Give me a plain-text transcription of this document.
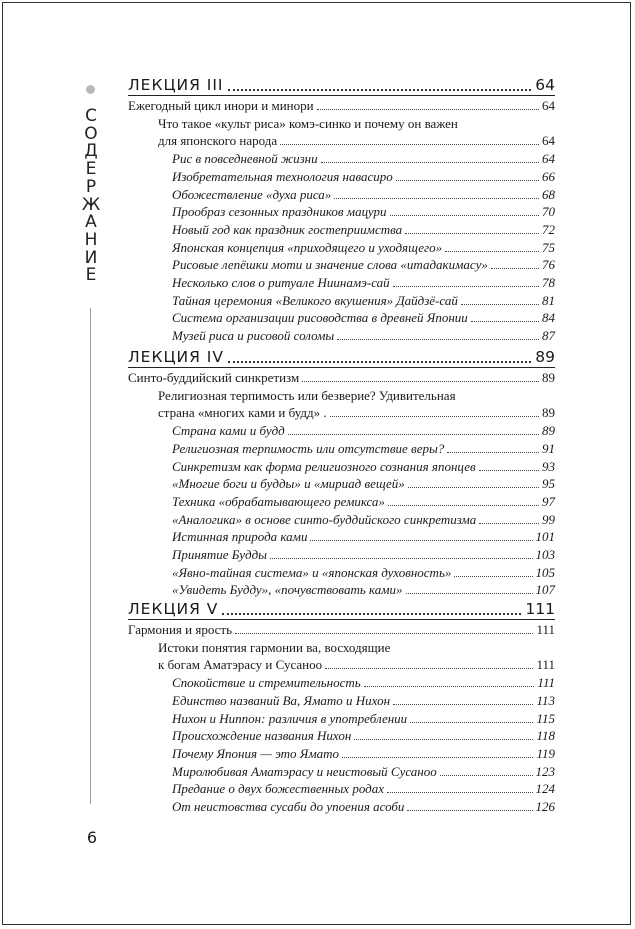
С
О
Д
Е
Р
Ж
А
Н
И
Е
6
ЛЕКЦИЯ III	64
Ежегодный цикл инори и минори	64
Что такое «культ риса» комэ-синко и почему он важен
для японского народа	64
Рис в повседневной жизни	64
Изобретательная технология навасиро	66
Обожествление «духа риса»	68
Прообраз сезонных праздников мацури	70
Новый год как праздник гостеприимства	72
Японская концепция «приходящего и уходящего»	75
Рисовые лепёшки моти и значение слова «итадакимасу»	76
Несколько слов о ритуале Ниинамэ-сай	78
Тайная церемония «Великого вкушения» Дайдзё-сай	81
Система организации рисоводства в древней Японии	84
Музей риса и рисовой соломы	87
ЛЕКЦИЯ IV	89
Синто-буддийский синкретизм	89
Религиозная терпимость или безверие? Удивительная
страна «многих ками и будд» .	89
Страна ками и будд	89
Религиозная терпимость или отсутствие веры?	91
Синкретизм как форма религиозного сознания японцев	93
«Многие боги и будды» и «мириад вещей»	95
Техника «обрабатывающего ремикса»	97
«Аналогика» в основе синто-буддийского синкретизма	99
Истинная природа ками	101
Принятие Будды	103
«Явно-тайная система» и «японская духовность»	105
«Увидеть Будду», «почувствовать ками»	107
ЛЕКЦИЯ V	111
Гармония и ярость	111
Истоки понятия гармонии ва, восходящие
к богам Аматэрасу и Сусаноо	111
Спокойствие и стремительность	111
Единство названий Ва, Ямато и Нихон	113
Нихон и Ниппон: различия в употреблении	115
Происхождение названия Нихон	118
Почему Япония — это Ямато	119
Миролюбивая Аматэрасу и неистовый Сусаноо	123
Предание о двух божественных родах	124
От неистовства сусаби до упоения асоби	126
